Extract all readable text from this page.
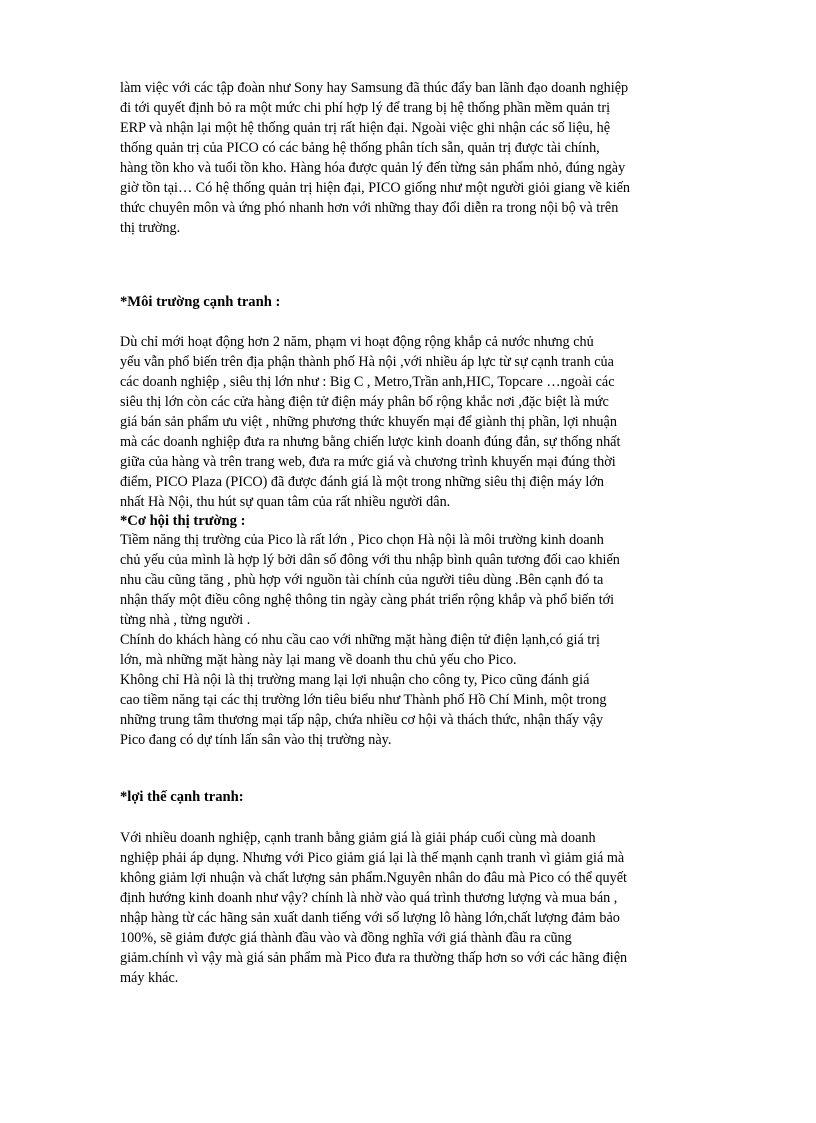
làm việc với các tập đoàn như Sony hay Samsung đã thúc đẩy ban lãnh đạo doanh nghiệp
đi tới quyết định bỏ ra một mức chi phí hợp lý để trang bị hệ thống phần mềm quản trị
ERP và nhận lại một hệ thống quản trị rất hiện đại. Ngoài việc ghi nhận các số liệu, hệ
thống quản trị của PICO có các bảng hệ thống phân tích sẵn, quản trị được tài chính,
hàng tồn kho và tuổi tồn kho. Hàng hóa được quản lý đến từng sản phẩm nhỏ, đúng ngày
giờ tồn tại… Có hệ thống quản trị hiện đại, PICO giống như một người giỏi giang về kiến
thức chuyên môn và ứng phó nhanh hơn với những thay đổi diễn ra trong nội bộ và trên
thị trường.
*Môi trường cạnh tranh :
Dù chỉ mới hoạt động hơn 2 năm, phạm vi hoạt động rộng khắp cả nước nhưng chủ
yếu vẫn phổ biến trên địa phận thành phố Hà nội ,với nhiều áp lực từ sự cạnh tranh của
các doanh nghiệp , siêu thị lớn như : Big C , Metro,Trần anh,HIC, Topcare …ngoài các
siêu thị lớn còn các cửa hàng điện tử điện máy phân bố rộng khắc nơi ,đặc biệt là mức
giá bán sản phẩm ưu việt , những phương thức khuyến mại để giành thị phần, lợi nhuận
mà các doanh nghiệp đưa ra nhưng bằng chiến lược kinh doanh đúng đắn, sự thống nhất
giữa của hàng và trên trang web, đưa ra mức giá và chương trình khuyến mại đúng thời
điểm, PICO Plaza (PICO) đã được đánh giá là một trong những siêu thị điện máy lớn
nhất Hà Nội, thu hút sự quan tâm của rất nhiều người dân.
*Cơ hội thị trường :
Tiềm năng thị trường của Pico là rất lớn , Pico chọn Hà nội là môi trường kinh doanh
chủ yếu của mình là hợp lý bởi dân số đông với thu nhập bình quân tương đối cao khiến
nhu cầu cũng tăng , phù hợp với nguồn tài chính của người tiêu dùng .Bên cạnh đó ta
nhận thấy một điều công nghệ thông tin ngày càng phát triển rộng khắp và phổ biến tới
từng nhà , từng người .
Chính do khách hàng có nhu cầu cao với những mặt hàng điện tử điện lạnh,có giá trị
lớn, mà những mặt hàng này lại mang về doanh thu chủ yếu cho Pico.
Không chỉ Hà nội là thị trường mang lại lợi nhuận cho công ty, Pico cũng đánh giá
cao tiềm năng tại các thị trường lớn tiêu biểu như Thành phố Hồ Chí Minh, một trong
những trung tâm thương mại tấp nập, chứa nhiều cơ hội và thách thức, nhận thấy vậy
Pico đang có dự tính lấn sân vào thị trường này.
*lợi thế cạnh tranh:
Với nhiều doanh nghiệp, cạnh tranh bằng giảm giá là giải pháp cuối cùng mà doanh
nghiệp phải áp dụng. Nhưng với Pico giảm giá lại là thế mạnh cạnh tranh vì giảm giá mà
không giảm lợi nhuận và chất lượng sản phẩm.Nguyên nhân do đâu mà Pico có thể quyết
định hướng kinh doanh như vậy? chính là nhờ vào quá trình thương lượng và mua bán ,
nhập hàng từ các hãng sản xuất danh tiếng với số lượng lô hàng lớn,chất lượng đảm bảo
100%, sẽ giảm được giá thành đầu vào và đồng nghĩa với giá thành đầu ra cũng
giảm.chính vì vậy mà giá sản phẩm mà Pico đưa ra thường thấp hơn so với các hãng điện
máy khác.
